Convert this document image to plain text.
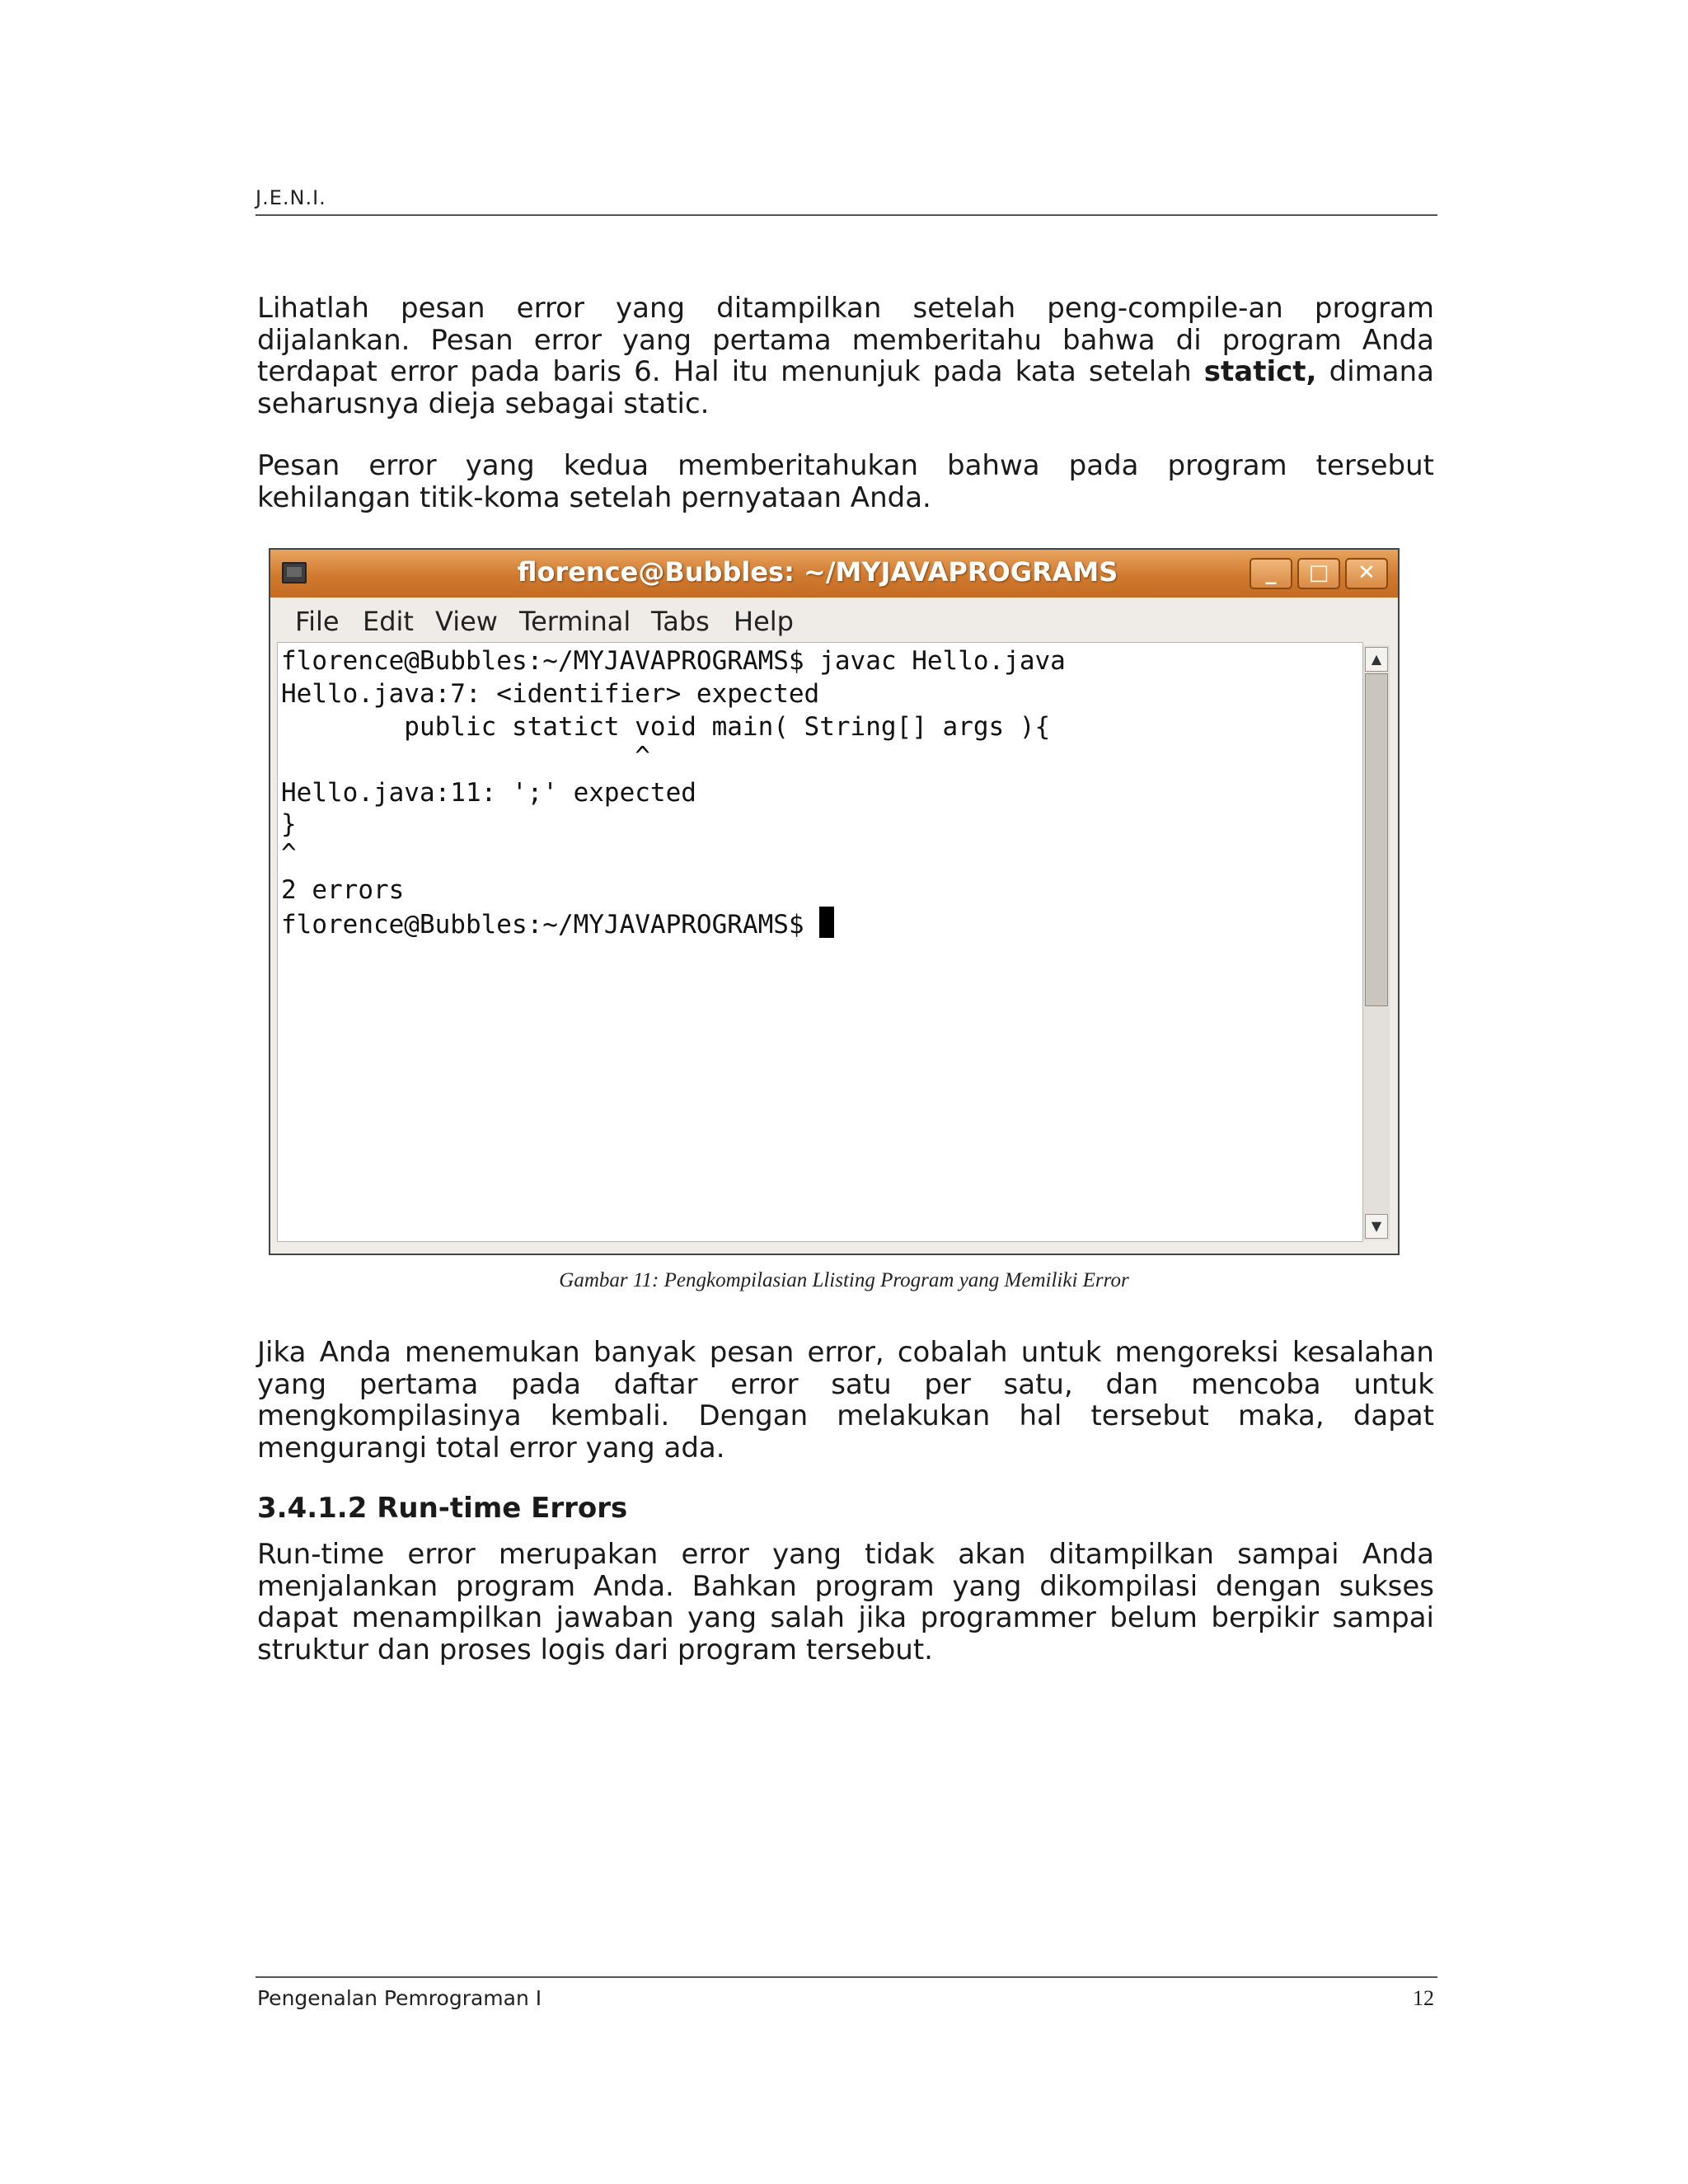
J.E.N.I.

Lihatlah pesan error yang ditampilkan setelah peng-compile-an program dijalankan. Pesan error yang pertama memberitahu bahwa di program Anda terdapat error pada baris 6. Hal itu menunjuk pada kata setelah statict, dimana seharusnya dieja sebagai static.

Pesan error yang kedua memberitahukan bahwa pada program tersebut kehilangan titik-koma setelah pernyataan Anda.

florence@Bubbles: ~/MYJAVAPROGRAMS	_	□	✕
File Edit View Terminal Tabs Help
florence@Bubbles:~/MYJAVAPROGRAMS$ javac Hello.java
Hello.java:7: <identifier> expected
public statict void main( String[] args ){
^
Hello.java:11: ';' expected
}
^
2 errors
florence@Bubbles:~/MYJAVAPROGRAMS$
▲
▼
Gambar 11: Pengkompilasian Llisting Program yang Memiliki Error

Jika Anda menemukan banyak pesan error, cobalah untuk mengoreksi kesalahan yang pertama pada daftar error satu per satu, dan mencoba untuk mengkompilasinya kembali. Dengan melakukan hal tersebut maka, dapat mengurangi total error yang ada.

3.4.1.2 Run-time Errors

Run-time error merupakan error yang tidak akan ditampilkan sampai Anda menjalankan program Anda. Bahkan program yang dikompilasi dengan sukses dapat menampilkan jawaban yang salah jika programmer belum berpikir sampai struktur dan proses logis dari program tersebut.

Pengenalan Pemrograman I	12
